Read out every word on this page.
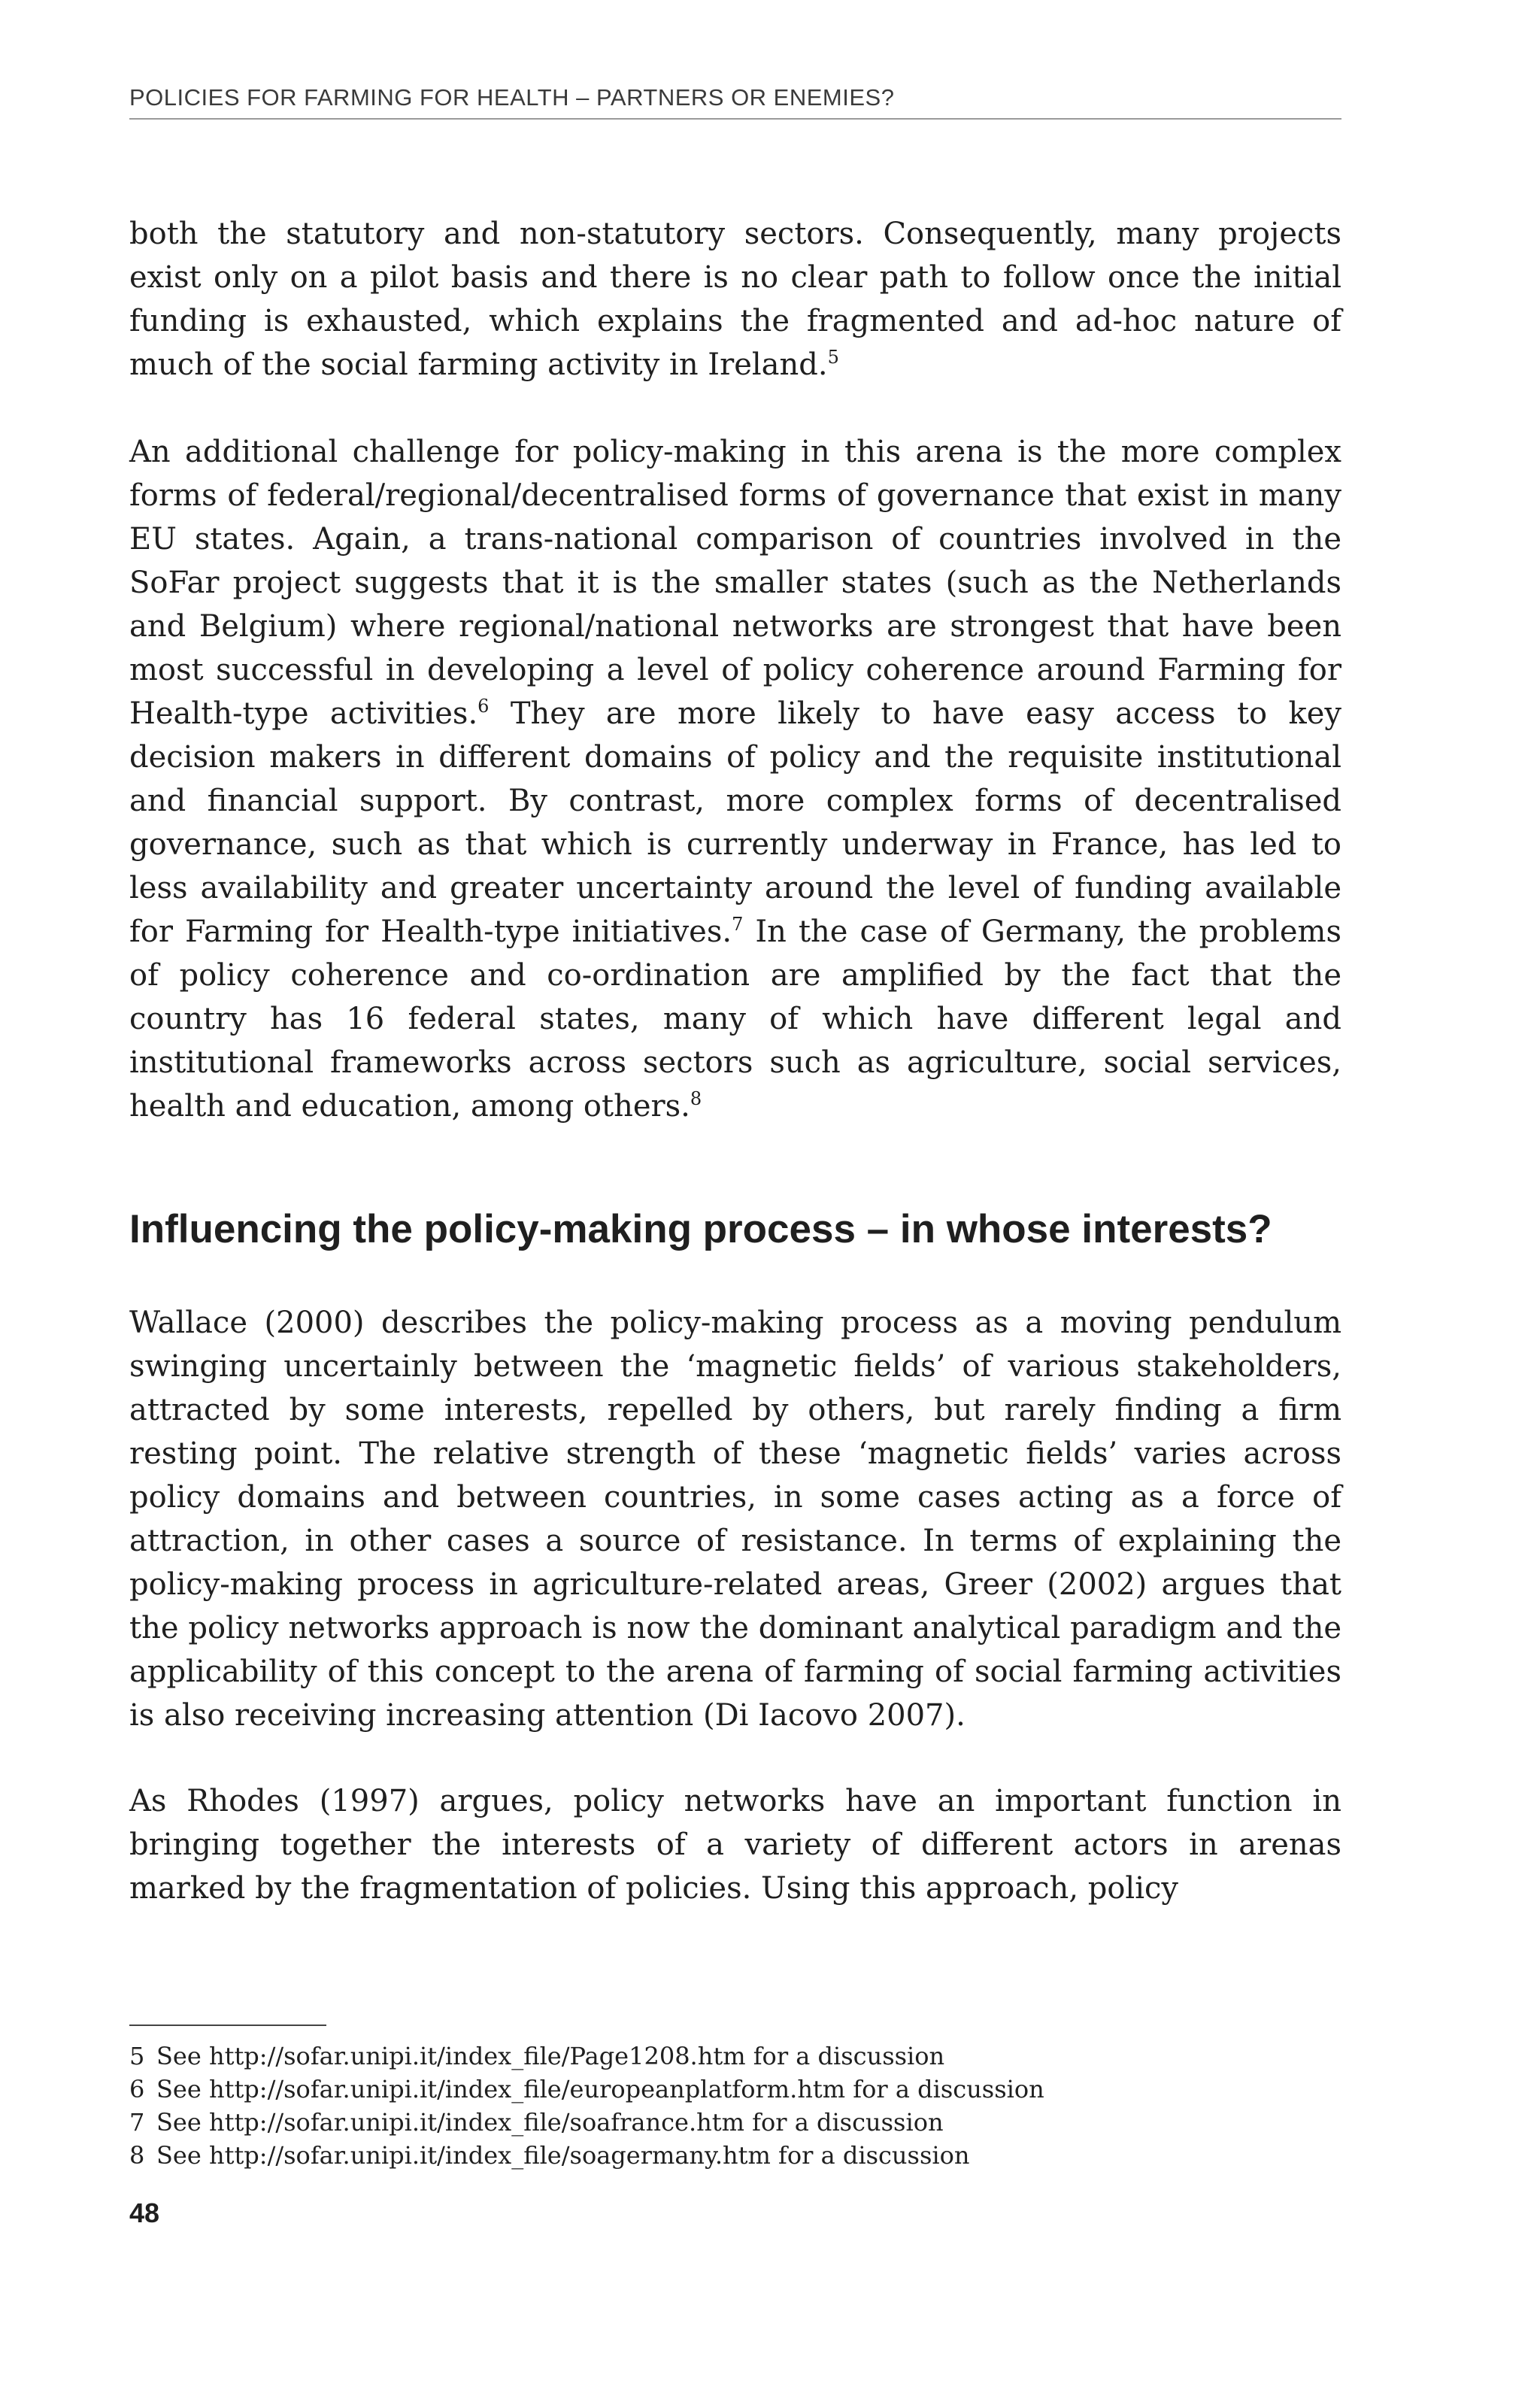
POLICIES FOR FARMING FOR HEALTH – PARTNERS OR ENEMIES?

both the statutory and non-statutory sectors. Consequently, many projects exist only on a pilot basis and there is no clear path to follow once the initial funding is exhausted, which explains the fragmented and ad-hoc nature of much of the social farming activity in Ireland.$^5$

An additional challenge for policy-making in this arena is the more complex forms of federal/regional/decentralised forms of governance that exist in many EU states. Again, a trans-national comparison of countries involved in the SoFar project suggests that it is the smaller states (such as the Netherlands and Belgium) where regional/national networks are strongest that have been most successful in developing a level of policy coherence around Farming for Health-type activities.$^6$ They are more likely to have easy access to key decision makers in different domains of policy and the requisite institutional and financial support. By contrast, more complex forms of decentralised governance, such as that which is currently underway in France, has led to less availability and greater uncertainty around the level of funding available for Farming for Health-type initiatives.$^7$ In the case of Germany, the problems of policy coherence and co-ordination are amplified by the fact that the country has 16 federal states, many of which have different legal and institutional frameworks across sectors such as agriculture, social services, health and education, among others.$^8$

Influencing the policy-making process – in whose interests?

Wallace (2000) describes the policy-making process as a moving pendulum swinging uncertainly between the ‘magnetic fields’ of various stakeholders, attracted by some interests, repelled by others, but rarely finding a firm resting point. The relative strength of these ‘magnetic fields’ varies across policy domains and between countries, in some cases acting as a force of attraction, in other cases a source of resistance. In terms of explaining the policy-making process in agriculture-related areas, Greer (2002) argues that the policy networks approach is now the dominant analytical paradigm and the applicability of this concept to the arena of farming of social farming activities is also receiving increasing attention (Di Iacovo 2007).

As Rhodes (1997) argues, policy networks have an important function in bringing together the interests of a variety of different actors in arenas marked by the fragmentation of policies. Using this approach, policy

5 See http://sofar.unipi.it/index_file/Page1208.htm for a discussion
6 See http://sofar.unipi.it/index_file/europeanplatform.htm for a discussion
7 See http://sofar.unipi.it/index_file/soafrance.htm for a discussion
8 See http://sofar.unipi.it/index_file/soagermany.htm for a discussion
48
